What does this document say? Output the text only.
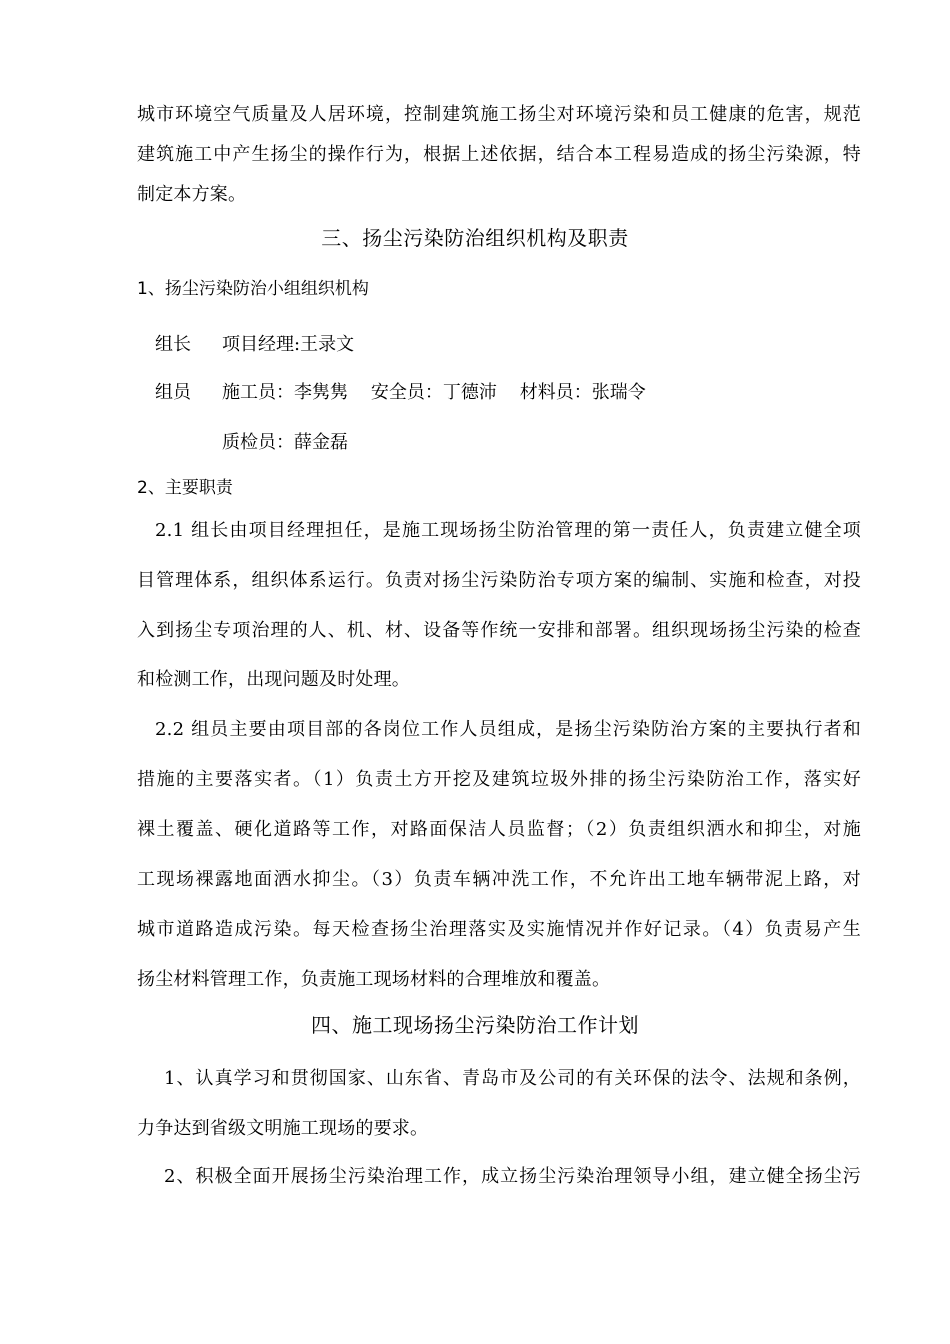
城市环境空气质量及人居环境，控制建筑施工扬尘对环境污染和员工健康的危害，规范
建筑施工中产生扬尘的操作行为，根据上述依据，结合本工程易造成的扬尘污染源，特
制定本方案。
三、扬尘污染防治组织机构及职责
1、扬尘污染防治小组组织机构
组长 项目经理:王录文
组员 施工员：李隽隽    安全员：丁德沛    材料员：张瑞令
质检员：薛金磊
2、主要职责
2.1 组长由项目经理担任，是施工现场扬尘防治管理的第一责任人，负责建立健全项
目管理体系，组织体系运行。负责对扬尘污染防治专项方案的编制、实施和检查，对投
入到扬尘专项治理的人、机、材、设备等作统一安排和部署。组织现场扬尘污染的检查
和检测工作，出现问题及时处理。
2.2 组员主要由项目部的各岗位工作人员组成，是扬尘污染防治方案的主要执行者和
措施的主要落实者。（1）负责土方开挖及建筑垃圾外排的扬尘污染防治工作，落实好
裸土覆盖、硬化道路等工作，对路面保洁人员监督；（2）负责组织洒水和抑尘，对施
工现场裸露地面洒水抑尘。（3）负责车辆冲洗工作，不允许出工地车辆带泥上路，对
城市道路造成污染。每天检查扬尘治理落实及实施情况并作好记录。（4）负责易产生
扬尘材料管理工作，负责施工现场材料的合理堆放和覆盖。
四、施工现场扬尘污染防治工作计划
1、认真学习和贯彻国家、山东省、青岛市及公司的有关环保的法令、法规和条例，
力争达到省级文明施工现场的要求。
2、积极全面开展扬尘污染治理工作，成立扬尘污染治理领导小组，建立健全扬尘污
